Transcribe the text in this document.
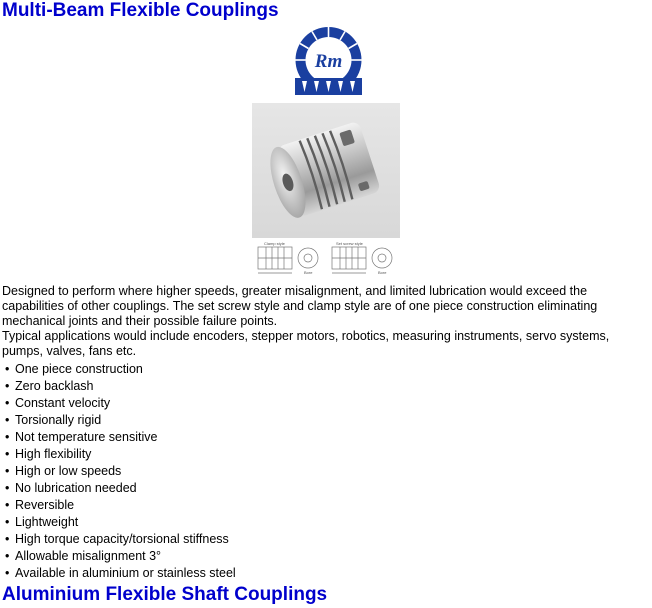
Multi-Beam Flexible Couplings
Rm
Clamp style	Set screw style
Bore	Bore

Designed to perform where higher speeds, greater misalignment, and limited lubrication would exceed the capabilities of other couplings. The set screw style and clamp style are of one piece construction eliminating mechanical joints and their possible failure points.

Typical applications would include encoders, stepper motors, robotics, measuring instruments, servo systems, pumps, valves, fans etc.

• One piece construction
• Zero backlash
• Constant velocity
• Torsionally rigid
• Not temperature sensitive
• High flexibility
• High or low speeds
• No lubrication needed
• Reversible
• Lightweight
• High torque capacity/torsional stiffness
• Allowable misalignment 3°
• Available in aluminium or stainless steel
Aluminium Flexible Shaft Couplings
